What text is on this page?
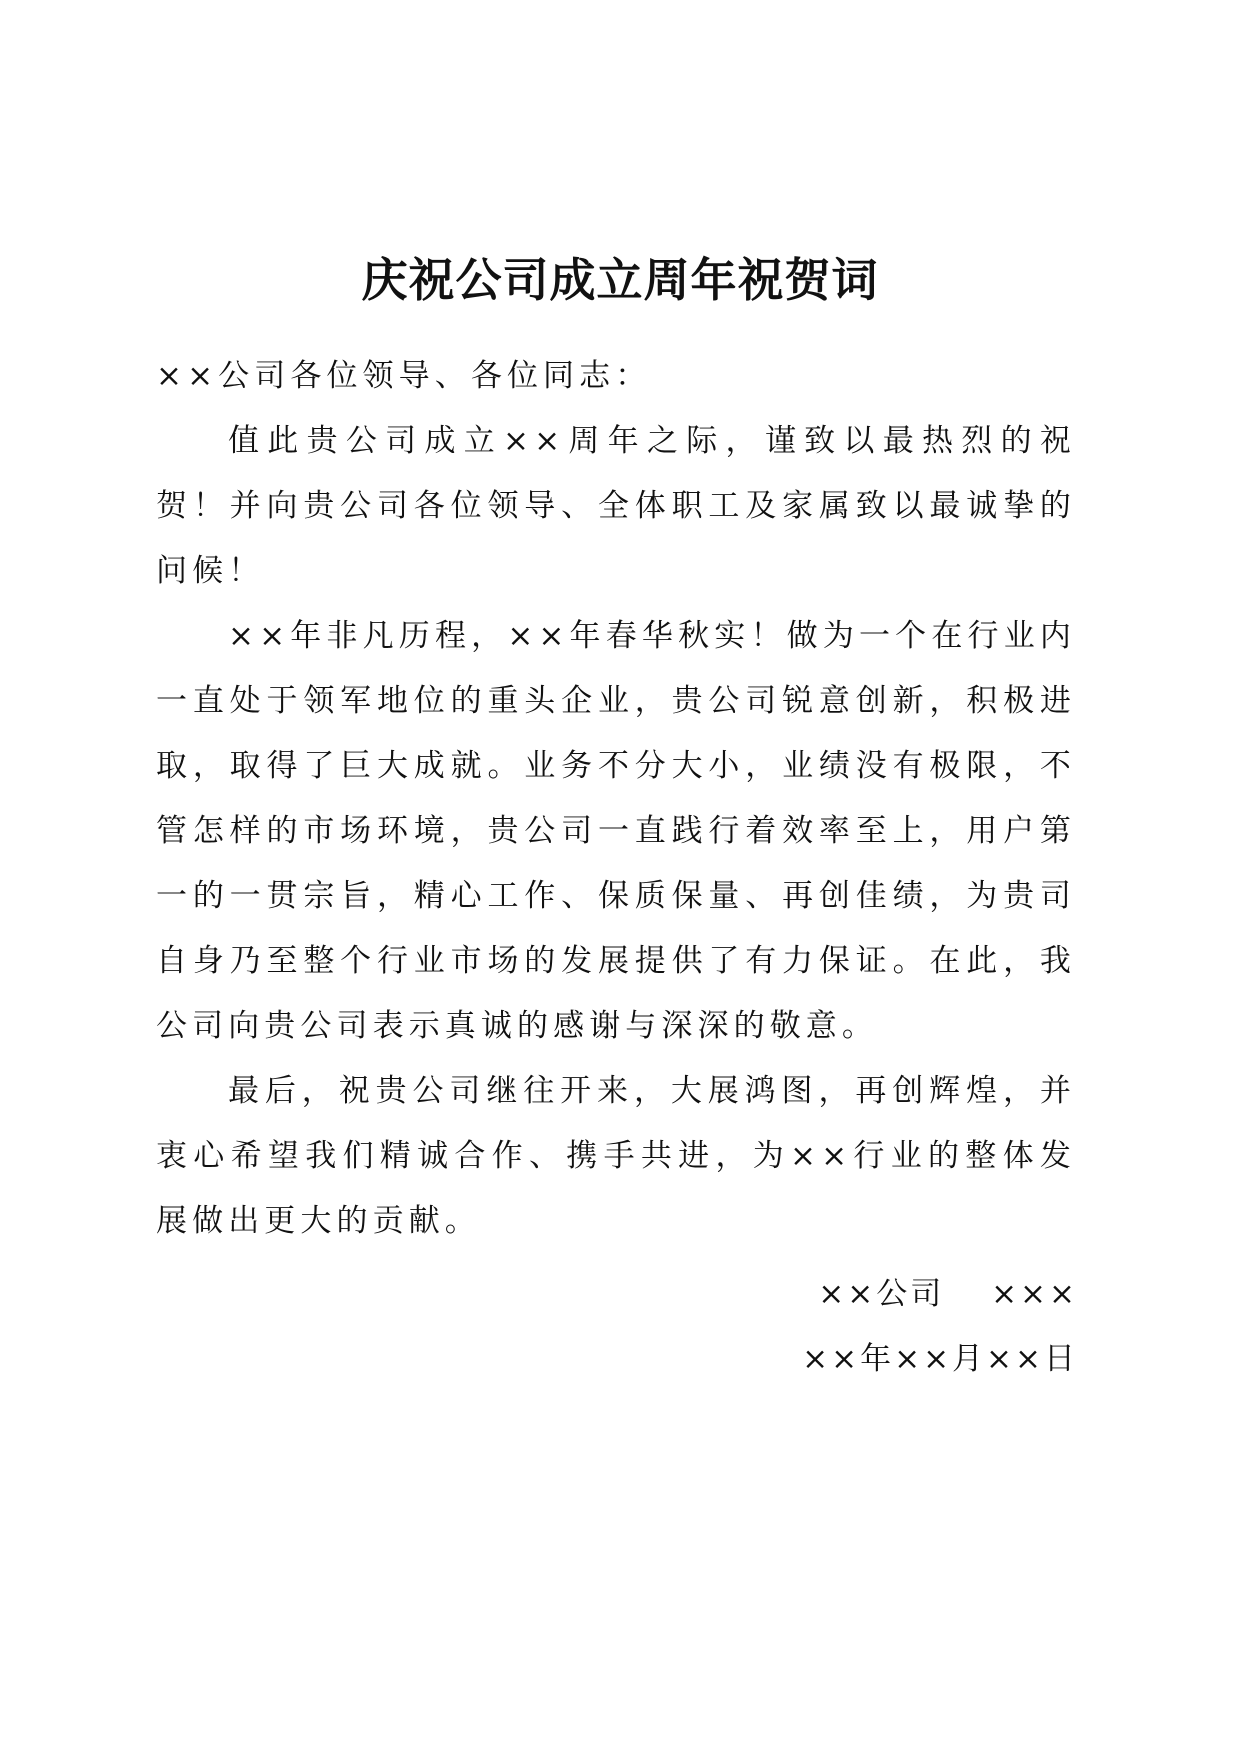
庆祝公司成立周年祝贺词

××公司各位领导、各位同志：

值此贵公司成立××周年之际，谨致以最热烈的祝贺！并向贵公司各位领导、全体职工及家属致以最诚挚的问候！

××年非凡历程，××年春华秋实！做为一个在行业内一直处于领军地位的重头企业，贵公司锐意创新，积极进取，取得了巨大成就。业务不分大小，业绩没有极限，不管怎样的市场环境，贵公司一直践行着效率至上，用户第一的一贯宗旨，精心工作、保质保量、再创佳绩，为贵司自身乃至整个行业市场的发展提供了有力保证。在此，我公司向贵公司表示真诚的感谢与深深的敬意。

最后，祝贵公司继往开来，大展鸿图，再创辉煌，并衷心希望我们精诚合作、携手共进，为××行业的整体发展做出更大的贡献。

××公司　 ×××
××年××月××日
